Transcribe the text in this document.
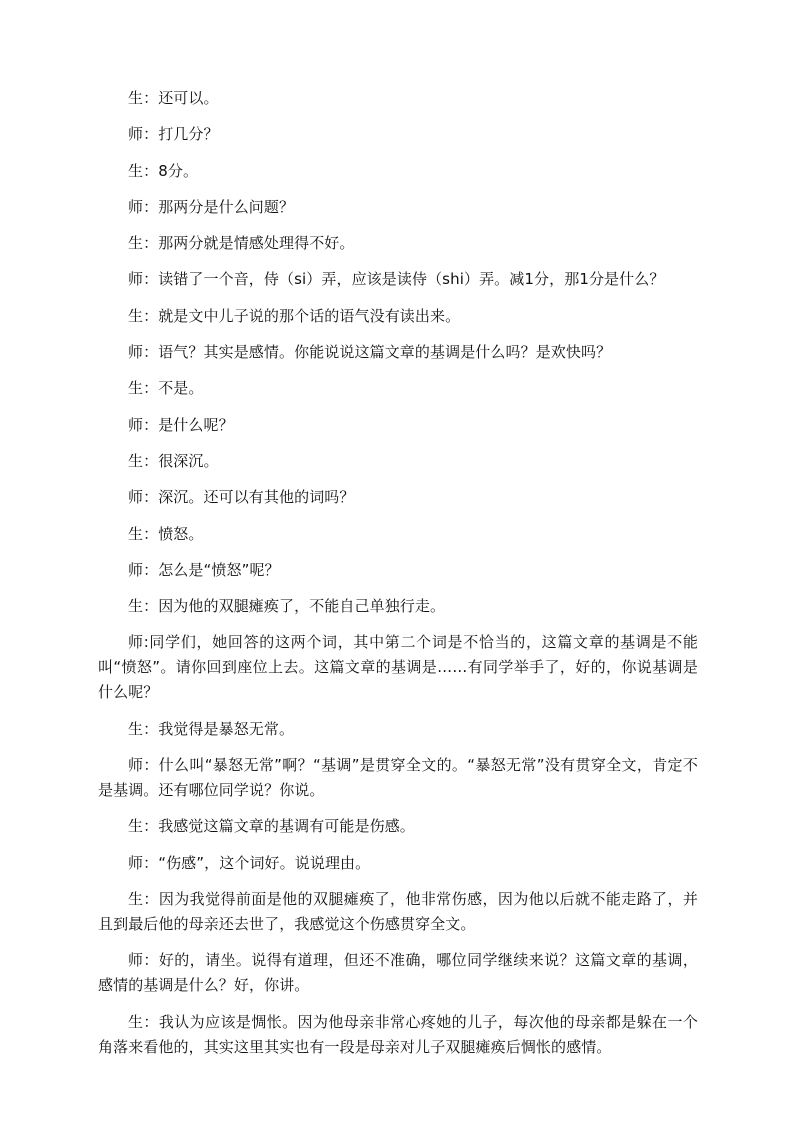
生：还可以。

师：打几分？

生：8分。

师：那两分是什么问题？

生：那两分就是情感处理得不好。

师：读错了一个音，侍（si）弄，应该是读侍（shi）弄。减1分，那1分是什么？

生：就是文中儿子说的那个话的语气没有读出来。

师：语气？其实是感情。你能说说这篇文章的基调是什么吗？是欢快吗？

生：不是。

师：是什么呢？

生：很深沉。

师：深沉。还可以有其他的词吗？

生：愤怒。

师：怎么是“愤怒”呢？

生：因为他的双腿瘫痪了，不能自己单独行走。

师:同学们，她回答的这两个词，其中第二个词是不恰当的，这篇文章的基调是不能叫“愤怒”。请你回到座位上去。这篇文章的基调是……有同学举手了，好的，你说基调是什么呢？

生：我觉得是暴怒无常。

师：什么叫“暴怒无常”啊？“基调”是贯穿全文的。“暴怒无常”没有贯穿全文，肯定不是基调。还有哪位同学说？你说。

生：我感觉这篇文章的基调有可能是伤感。

师：“伤感”，这个词好。说说理由。

生：因为我觉得前面是他的双腿瘫痪了，他非常伤感，因为他以后就不能走路了，并且到最后他的母亲还去世了，我感觉这个伤感贯穿全文。

师：好的，请坐。说得有道理，但还不准确，哪位同学继续来说？这篇文章的基调，感情的基调是什么？好，你讲。

生：我认为应该是惆怅。因为他母亲非常心疼她的儿子，每次他的母亲都是躲在一个角落来看他的，其实这里其实也有一段是母亲对儿子双腿瘫痪后惆怅的感情。
